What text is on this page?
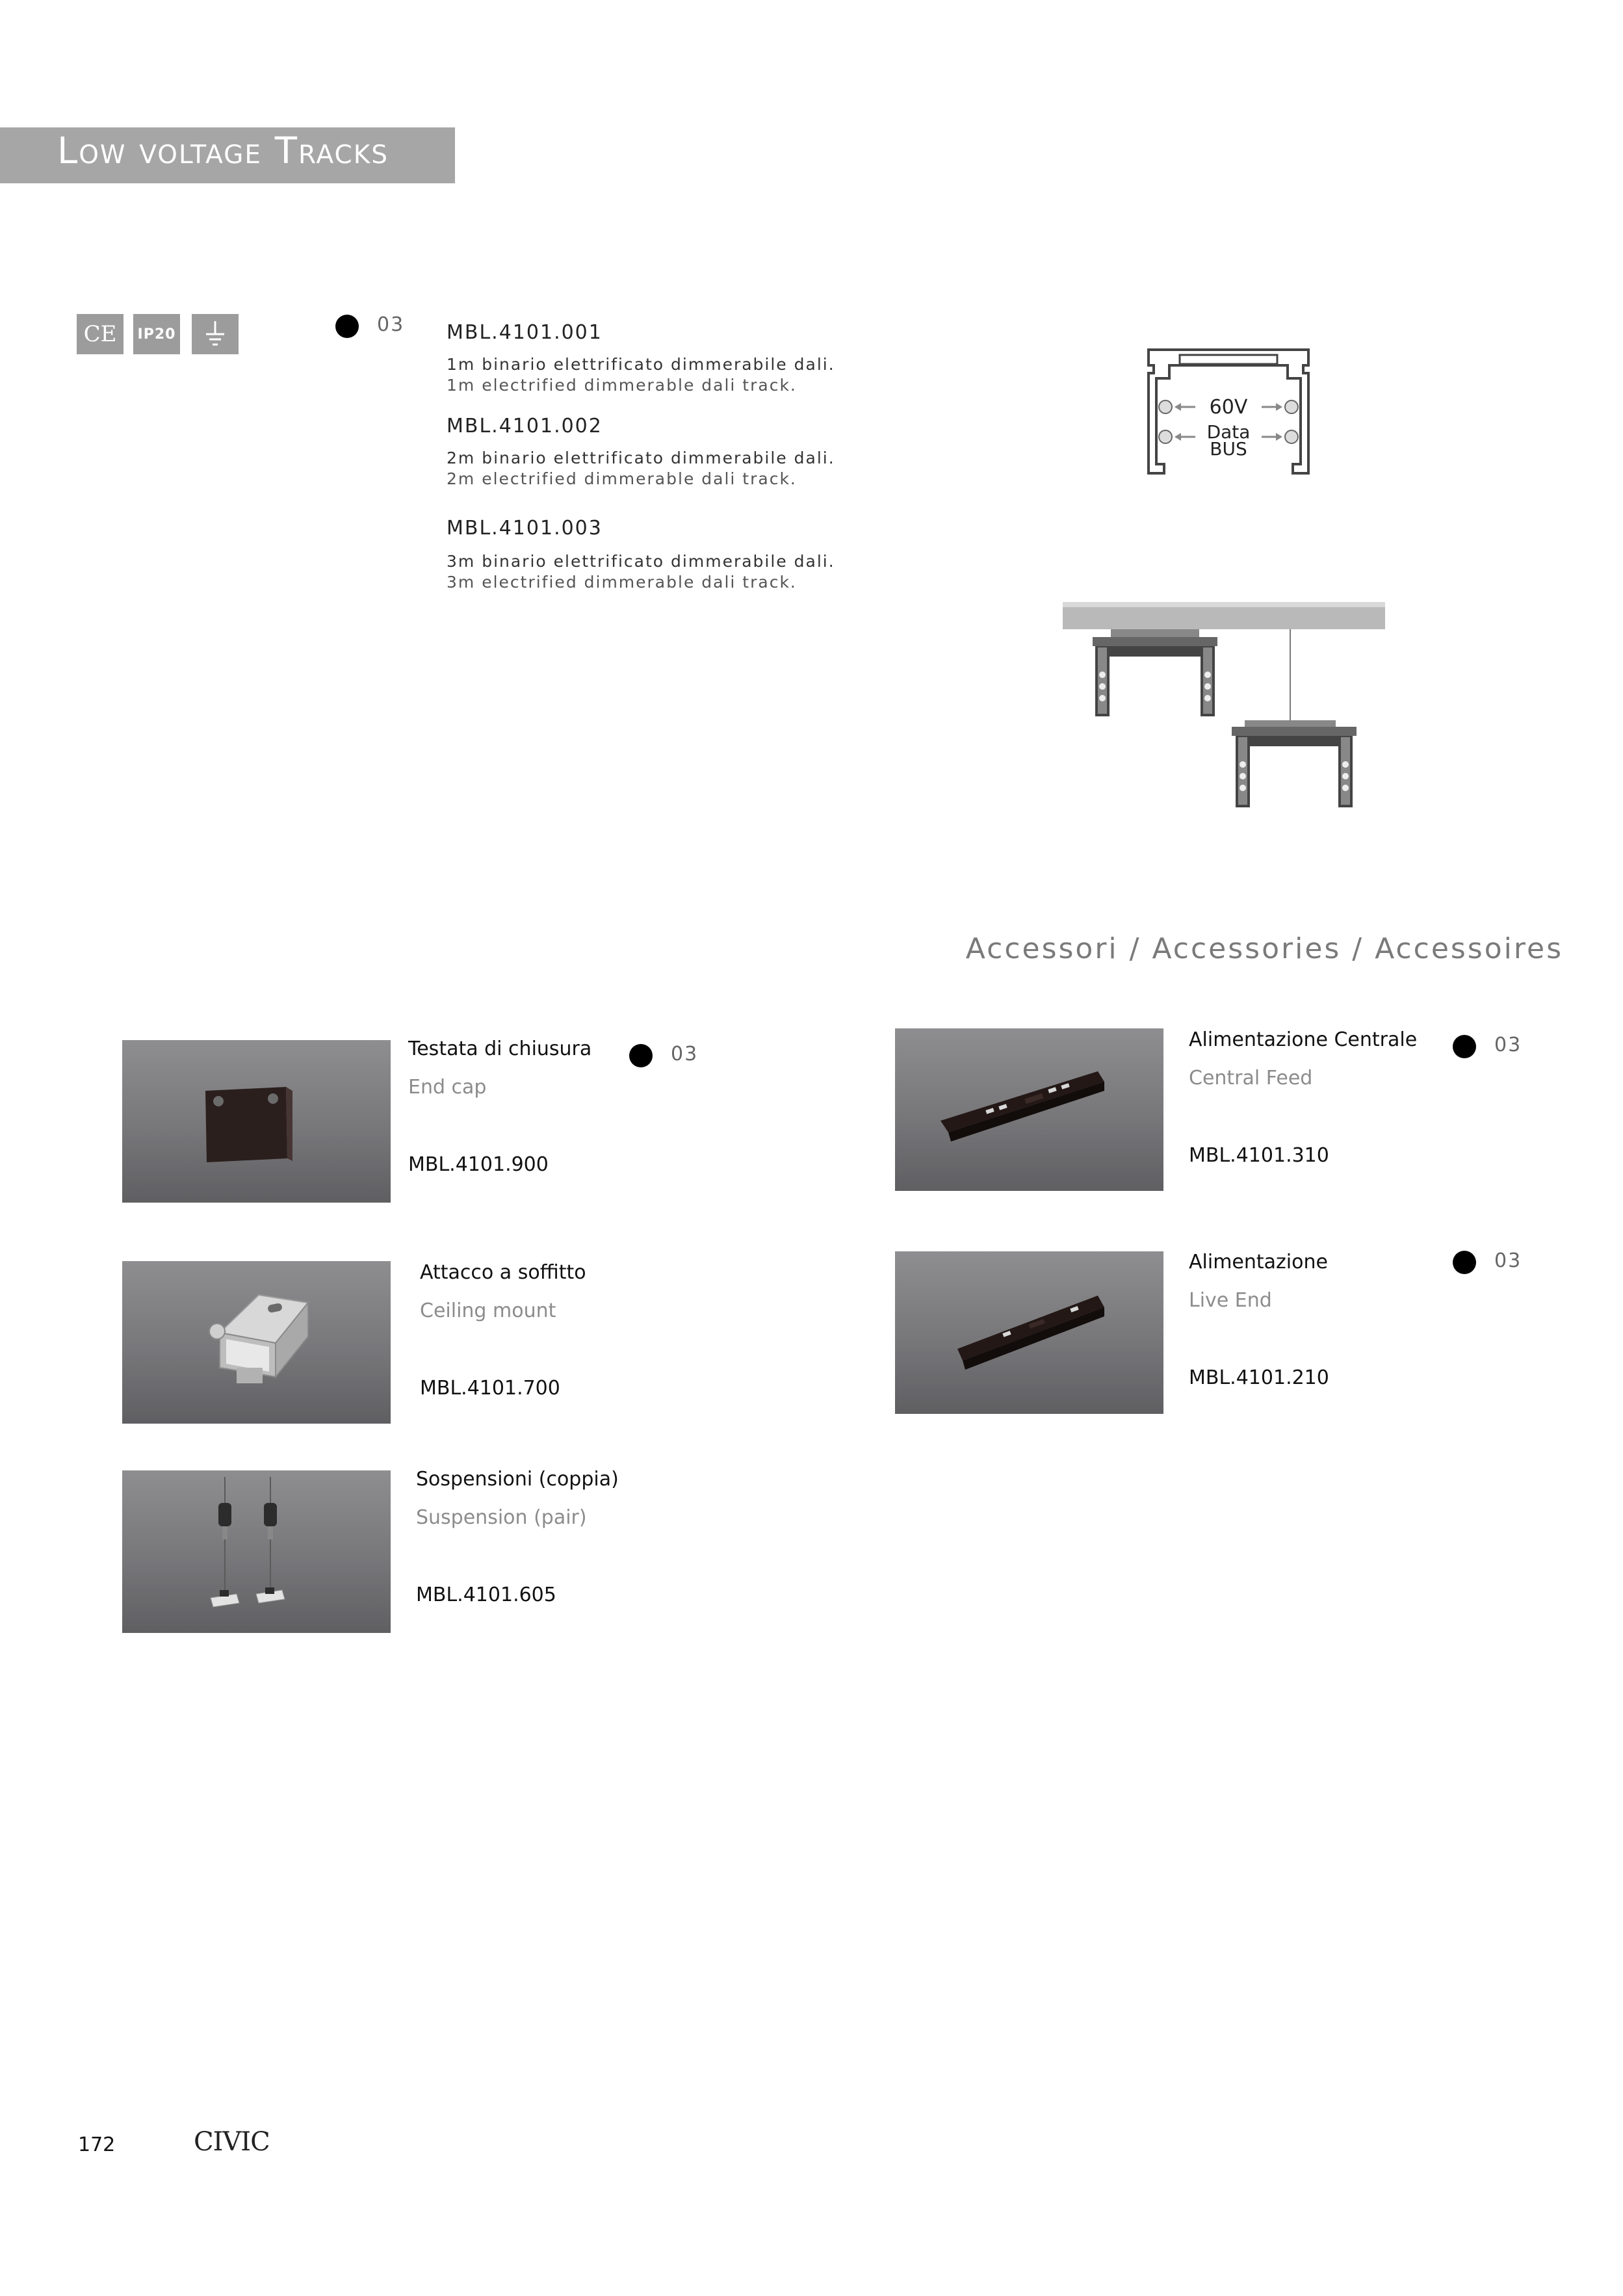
Low voltage Tracks
CE	IP20	03 MBL.4101.001
1m binario elettrificato dimmerabile dali.
1m electrified dimmerable dali track.
MBL.4101.002
2m binario elettrificato dimmerabile dali.
2m electrified dimmerable dali track.
MBL.4101.003
3m binario elettrificato dimmerabile dali.
3m electrified dimmerable dali track.
60V
Data
BUS
Accessori / Accessories / Accessoires
Testata di chiusura	03
End cap
MBL.4101.900
Attacco a soffitto
Ceiling mount
MBL.4101.700
Sospensioni (coppia)
Suspension (pair)
MBL.4101.605
Alimentazione Centrale	03
Central Feed
MBL.4101.310
Alimentazione	03
Live End
MBL.4101.210
172	CIVIC
